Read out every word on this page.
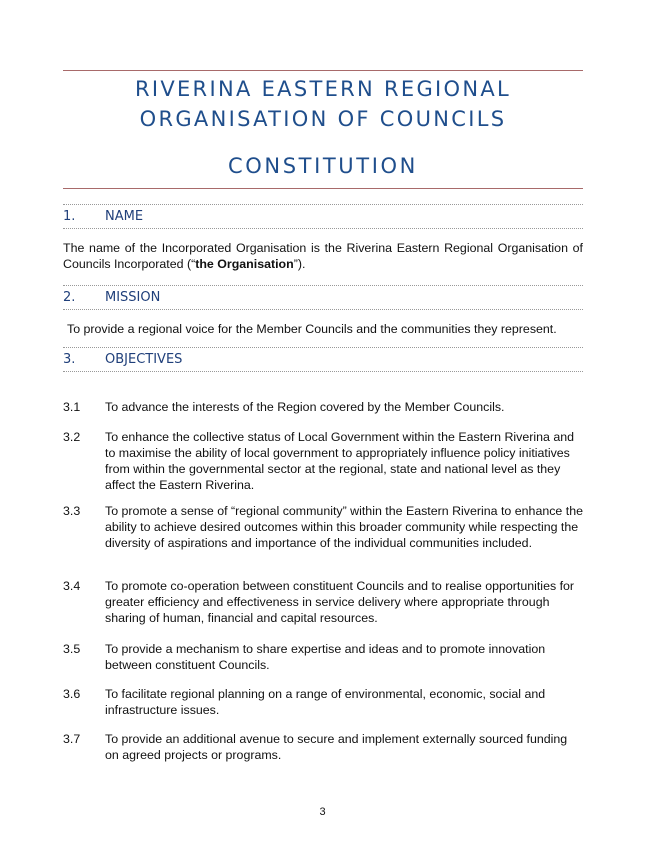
RIVERINA EASTERN REGIONAL
ORGANISATION OF COUNCILS
CONSTITUTION
1. NAME
The name of the Incorporated Organisation is the Riverina Eastern Regional Organisation of Councils Incorporated (“the Organisation”).
2. MISSION
To provide a regional voice for the Member Councils and the communities they represent.
3. OBJECTIVES
3.1 To advance the interests of the Region covered by the Member Councils.
3.2 To enhance the collective status of Local Government within the Eastern Riverina and to maximise the ability of local government to appropriately influence policy initiatives from within the governmental sector at the regional, state and national level as they affect the Eastern Riverina.
3.3 To promote a sense of “regional community” within the Eastern Riverina to enhance the ability to achieve desired outcomes within this broader community while respecting the diversity of aspirations and importance of the individual communities included.
3.4 To promote co-operation between constituent Councils and to realise opportunities for greater efficiency and effectiveness in service delivery where appropriate through sharing of human, financial and capital resources.
3.5 To provide a mechanism to share expertise and ideas and to promote innovation between constituent Councils.
3.6 To facilitate regional planning on a range of environmental, economic, social and infrastructure issues.
3.7 To provide an additional avenue to secure and implement externally sourced funding on agreed projects or programs.
3
